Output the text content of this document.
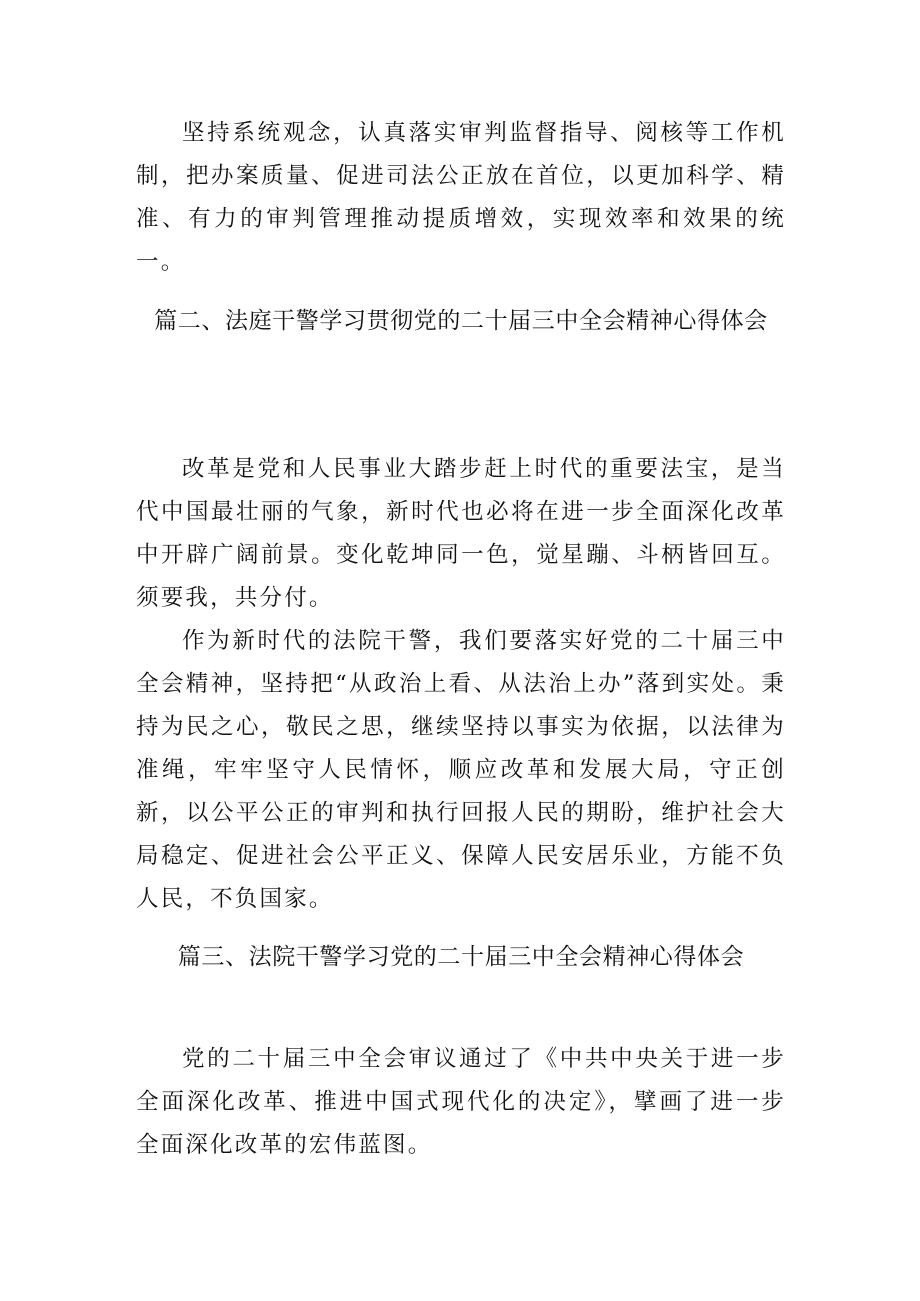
坚持系统观念，认真落实审判监督指导、阅核等工作机制，把办案质量、促进司法公正放在首位，以更加科学、精准、有力的审判管理推动提质增效，实现效率和效果的统一。

篇二、法庭干警学习贯彻党的二十届三中全会精神心得体会

改革是党和人民事业大踏步赶上时代的重要法宝，是当代中国最壮丽的气象，新时代也必将在进一步全面深化改革中开辟广阔前景。变化乾坤同一色，觉星蹦、斗柄皆回互。须要我，共分付。

作为新时代的法院干警，我们要落实好党的二十届三中全会精神，坚持把“从政治上看、从法治上办”落到实处。秉持为民之心，敬民之思，继续坚持以事实为依据，以法律为准绳，牢牢坚守人民情怀，顺应改革和发展大局，守正创新，以公平公正的审判和执行回报人民的期盼，维护社会大局稳定、促进社会公平正义、保障人民安居乐业，方能不负人民，不负国家。

篇三、法院干警学习党的二十届三中全会精神心得体会

党的二十届三中全会审议通过了《中共中央关于进一步全面深化改革、推进中国式现代化的决定》，擘画了进一步全面深化改革的宏伟蓝图。
